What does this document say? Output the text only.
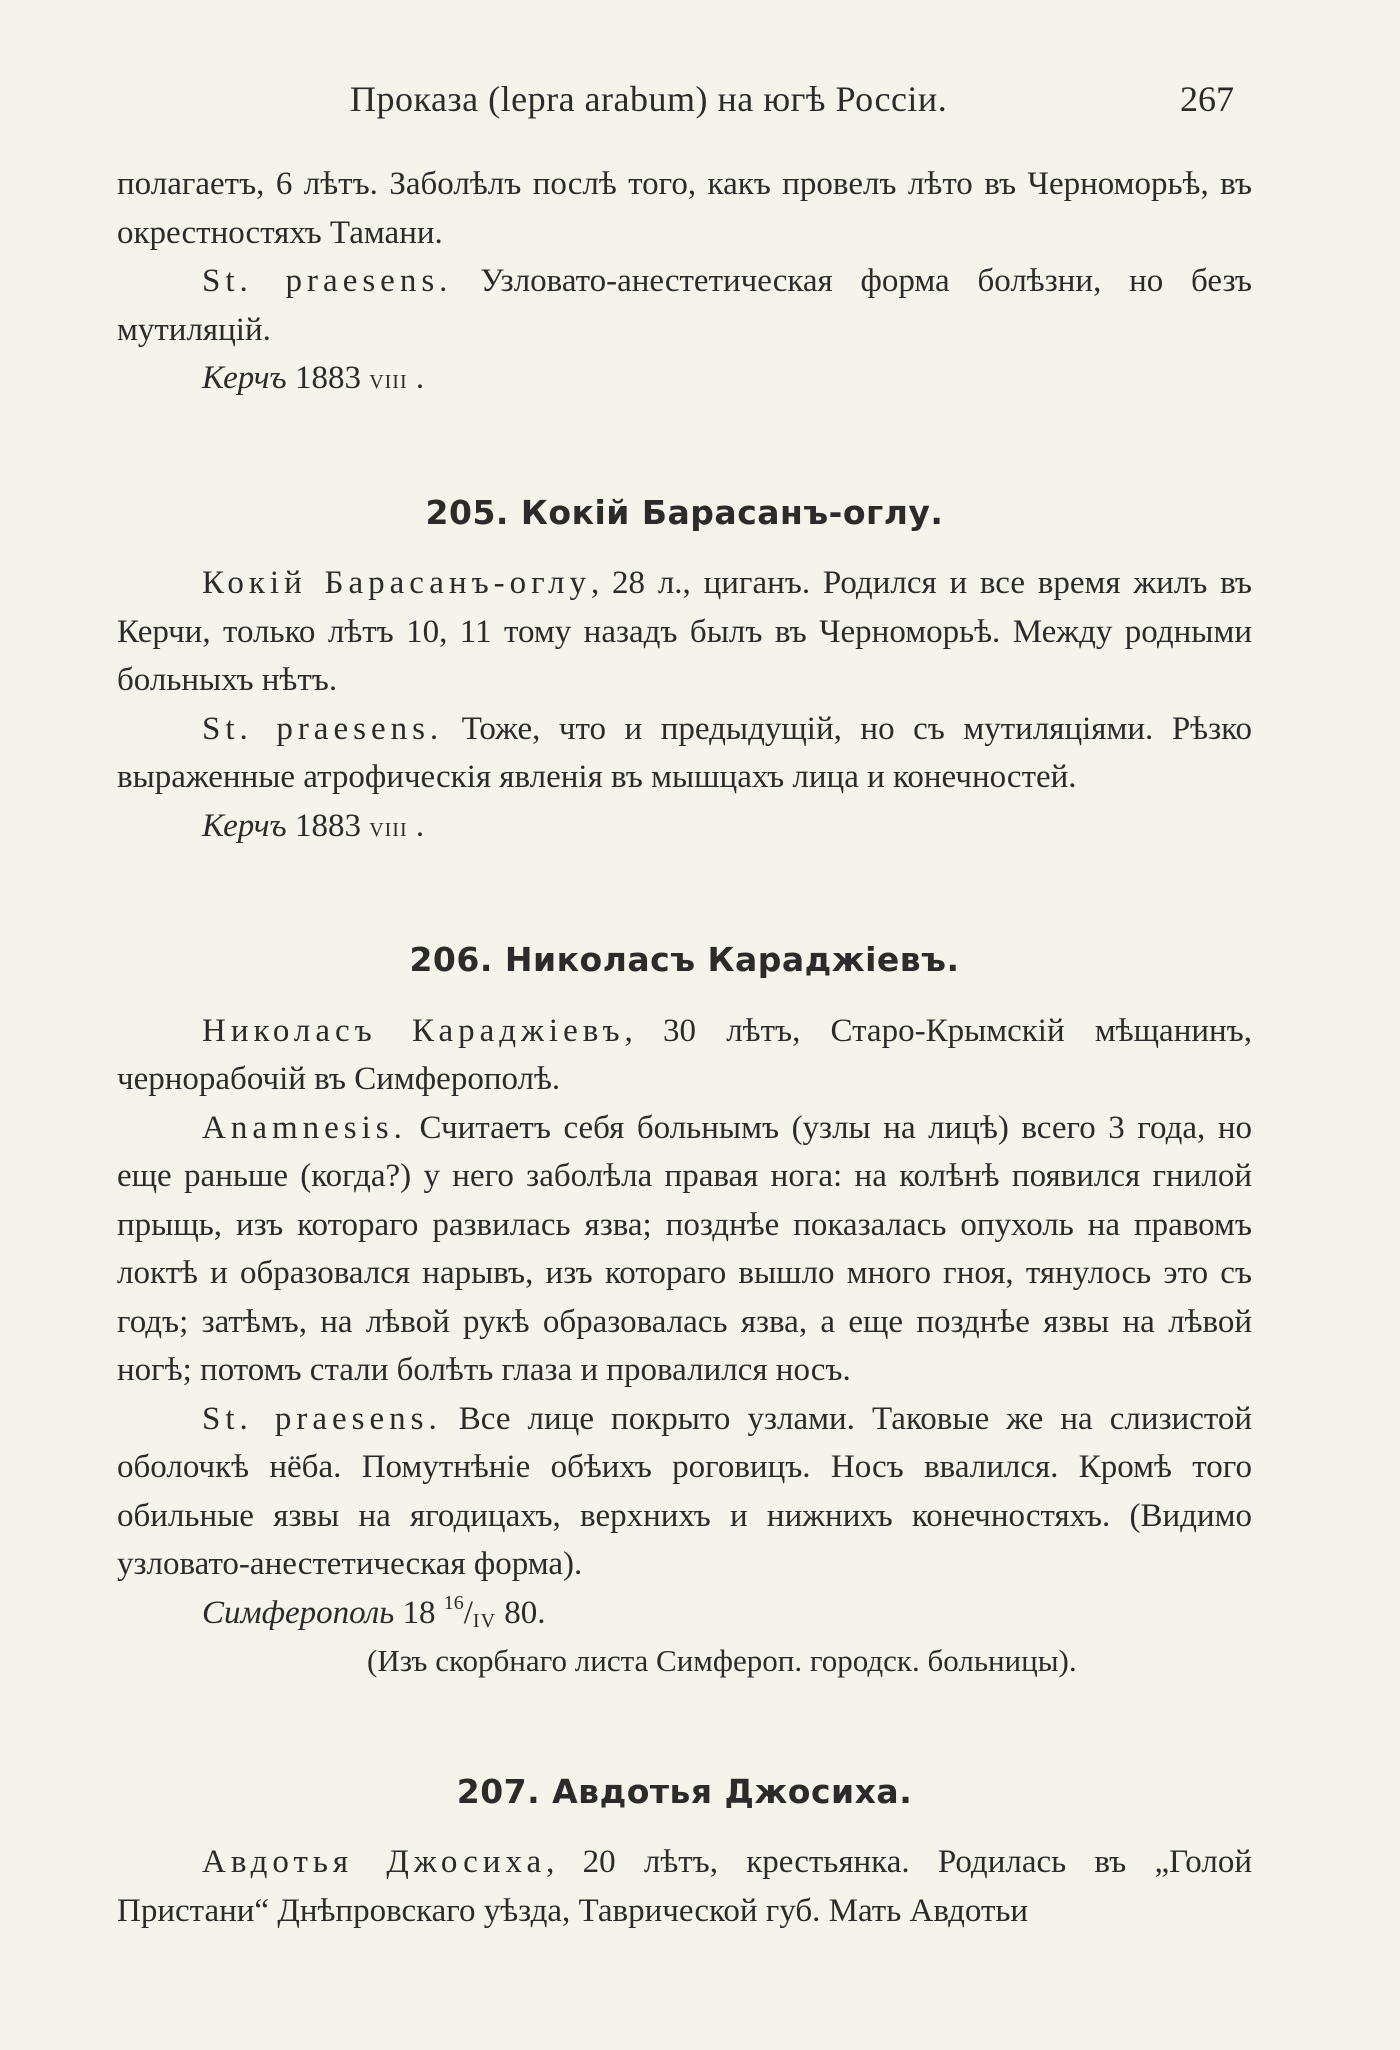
Проказа (lepra arabum) на югѣ Россіи.	267

полагаетъ, 6 лѣтъ. Заболѣлъ послѣ того, какъ провелъ лѣто въ Черноморьѣ, въ окрестностяхъ Тамани.

St. praesens. Узловато-анестетическая форма болѣзни, но безъ мутиляцій.

Керчъ 1883 VIII .
205. Кокій Барасанъ-оглу.

Кокій Барасанъ-оглу, 28 л., циганъ. Родился и все время жилъ въ Керчи, только лѣтъ 10, 11 тому назадъ былъ въ Черноморьѣ. Между родными больныхъ нѣтъ.

St. praesens. Тоже, что и предыдущій, но съ мутиляціями. Рѣзко выраженные атрофическія явленія въ мышцахъ лица и конечностей.

Керчъ 1883 VIII .
206. Николасъ Караджіевъ.

Николасъ Караджіевъ, 30 лѣтъ, Старо-Крымскій мѣщанинъ, чернорабочій въ Симферополѣ.

Anamnesis. Считаетъ себя больнымъ (узлы на лицѣ) всего 3 года, но еще раньше (когда?) у него заболѣла правая нога: на колѣнѣ появился гнилой прыщь, изъ котораго развилась язва; позднѣе показалась опухоль на правомъ локтѣ и образовался нарывъ, изъ котораго вышло много гноя, тянулось это съ годъ; затѣмъ, на лѣвой рукѣ образовалась язва, а еще позднѣе язвы на лѣвой ногѣ; потомъ стали болѣть глаза и провалился носъ.

St. praesens. Все лице покрыто узлами. Таковые же на слизистой оболочкѣ нёба. Помутнѣніе обѣихъ роговицъ. Носъ ввалился. Кромѣ того обильные язвы на ягодицахъ, верхнихъ и нижнихъ конечностяхъ. (Видимо узловато-анестетическая форма).

Симферополь 18 $^{16}/_{IV}$ 80.
(Изъ скорбнаго листа Симфероп. городск. больницы).
207. Авдотья Джосиха.

Авдотья Джосиха, 20 лѣтъ, крестьянка. Родилась въ „Голой Пристани“ Днѣпровскаго уѣзда, Таврической губ. Мать Авдотьи
